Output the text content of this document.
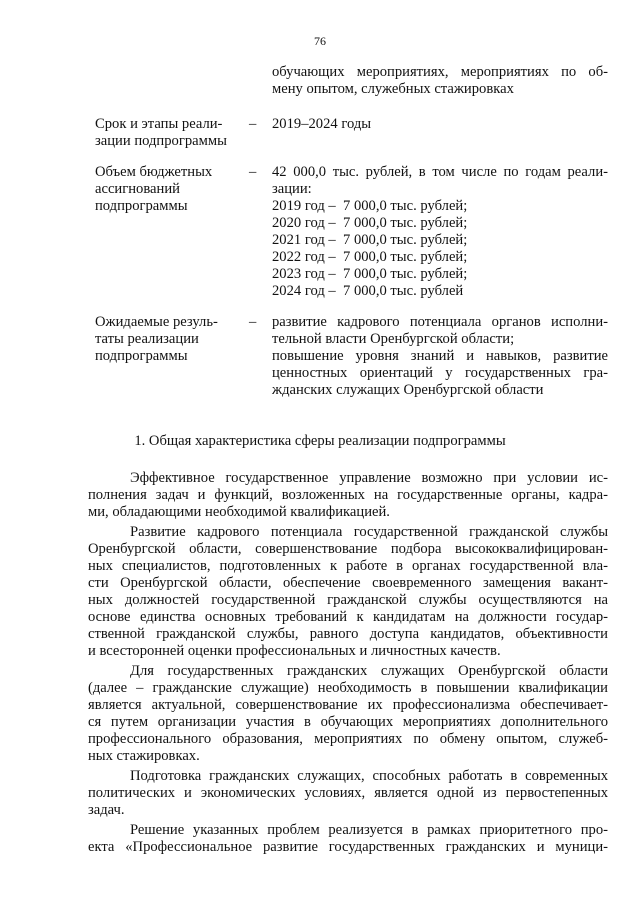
76
обучающих мероприятиях, мероприятиях по об-
мену опытом, служебных стажировках
Срок и этапы реали-
зации подпрограммы
– 2019–2024 годы
Объем бюджетных
ассигнований
подпрограммы
– 42 000,0 тыс. рублей, в том числе по годам реали-
зации:
2019 год –  7 000,0 тыс. рублей;
2020 год –  7 000,0 тыс. рублей;
2021 год –  7 000,0 тыс. рублей;
2022 год –  7 000,0 тыс. рублей;
2023 год –  7 000,0 тыс. рублей;
2024 год –  7 000,0 тыс. рублей
Ожидаемые резуль-
таты реализации
подпрограммы
– развитие кадрового потенциала органов исполни-
тельной власти Оренбургской области;
повышение уровня знаний и навыков, развитие
ценностных ориентаций у государственных гра-
жданских служащих Оренбургской области
1. Общая характеристика сферы реализации подпрограммы
Эффективное государственное управление возможно при условии ис-
полнения задач и функций, возложенных на государственные органы, кадра-
ми, обладающими необходимой квалификацией.
Развитие кадрового потенциала государственной гражданской службы
Оренбургской области, совершенствование подбора высококвалифицирован-
ных специалистов, подготовленных к работе в органах государственной вла-
сти Оренбургской области, обеспечение своевременного замещения вакант-
ных должностей государственной гражданской службы осуществляются на
основе единства основных требований к кандидатам на должности государ-
ственной гражданской службы, равного доступа кандидатов, объективности
и всесторонней оценки профессиональных и личностных качеств.
Для государственных гражданских служащих Оренбургской области
(далее – гражданские служащие) необходимость в повышении квалификации
является актуальной, совершенствование их профессионализма обеспечивает-
ся путем организации участия в обучающих мероприятиях дополнительного
профессионального образования, мероприятиях по обмену опытом, служеб-
ных стажировках.
Подготовка гражданских служащих, способных работать в современных
политических и экономических условиях, является одной из первостепенных
задач.
Решение указанных проблем реализуется в рамках приоритетного про-
екта «Профессиональное развитие государственных гражданских и муници-
